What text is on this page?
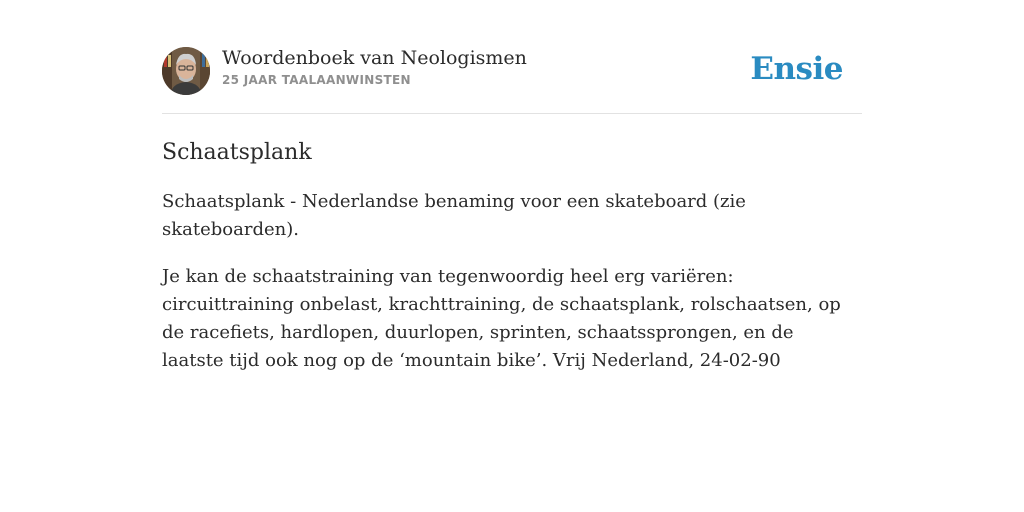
Woordenboek van Neologismen
25 JAAR TAALAANWINSTEN	Ensie
Schaatsplank

Schaatsplank - Nederlandse benaming voor een skateboard (zie skateboarden).

Je kan de schaatstraining van tegenwoordig heel erg variëren: circuittraining onbelast, krachttraining, de schaatsplank, rolschaatsen, op de racefiets, hardlopen, duurlopen, sprinten, schaatssprongen, en de laatste tijd ook nog op de ‘mountain bike’. Vrij Nederland, 24-02-90
